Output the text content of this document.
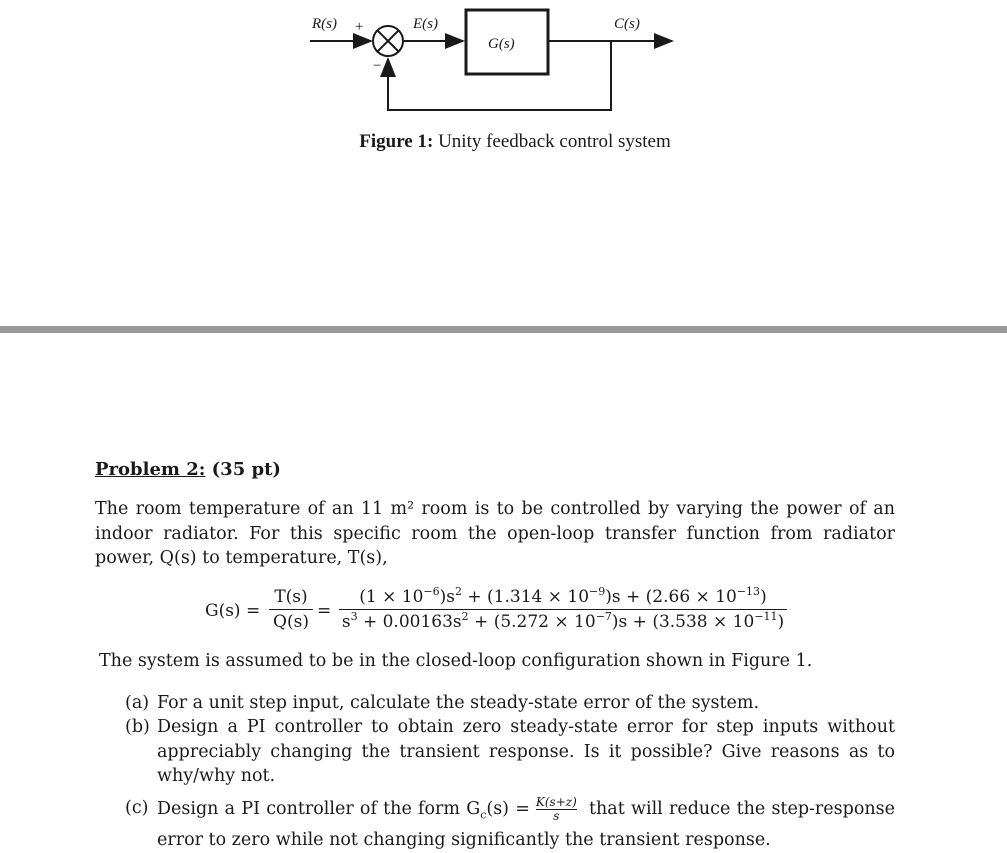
R(s) +
−
E(s)
G(s)
C(s)
Figure 1: Unity feedback control system
Problem 2: (35 pt)
The room temperature of an 11 m² room is to be controlled by varying the power of an indoor radiator. For this specific room the open-loop transfer function from radiator power, Q(s) to temperature, T(s),
G(s) =
T(s)
Q(s)
=
$(1 \times 10^{-6})s^2 + (1.314 \times 10^{-9})s + (2.66 \times 10^{-13})$
$s^3 + 0.00163s^2 + (5.272 \times 10^{-7})s + (3.538 \times 10^{-11})$
The system is assumed to be in the closed-loop configuration shown in Figure 1.
(a) For a unit step input, calculate the steady-state error of the system.
(b) Design a PI controller to obtain zero steady-state error for step inputs without appreciably changing the transient response. Is it possible? Give reasons as to why/why not.
(c) Design a PI controller of the form $G_c(s) = \frac{K(s+z)}{s}$ that will reduce the step-response error to zero while not changing significantly the transient response.
